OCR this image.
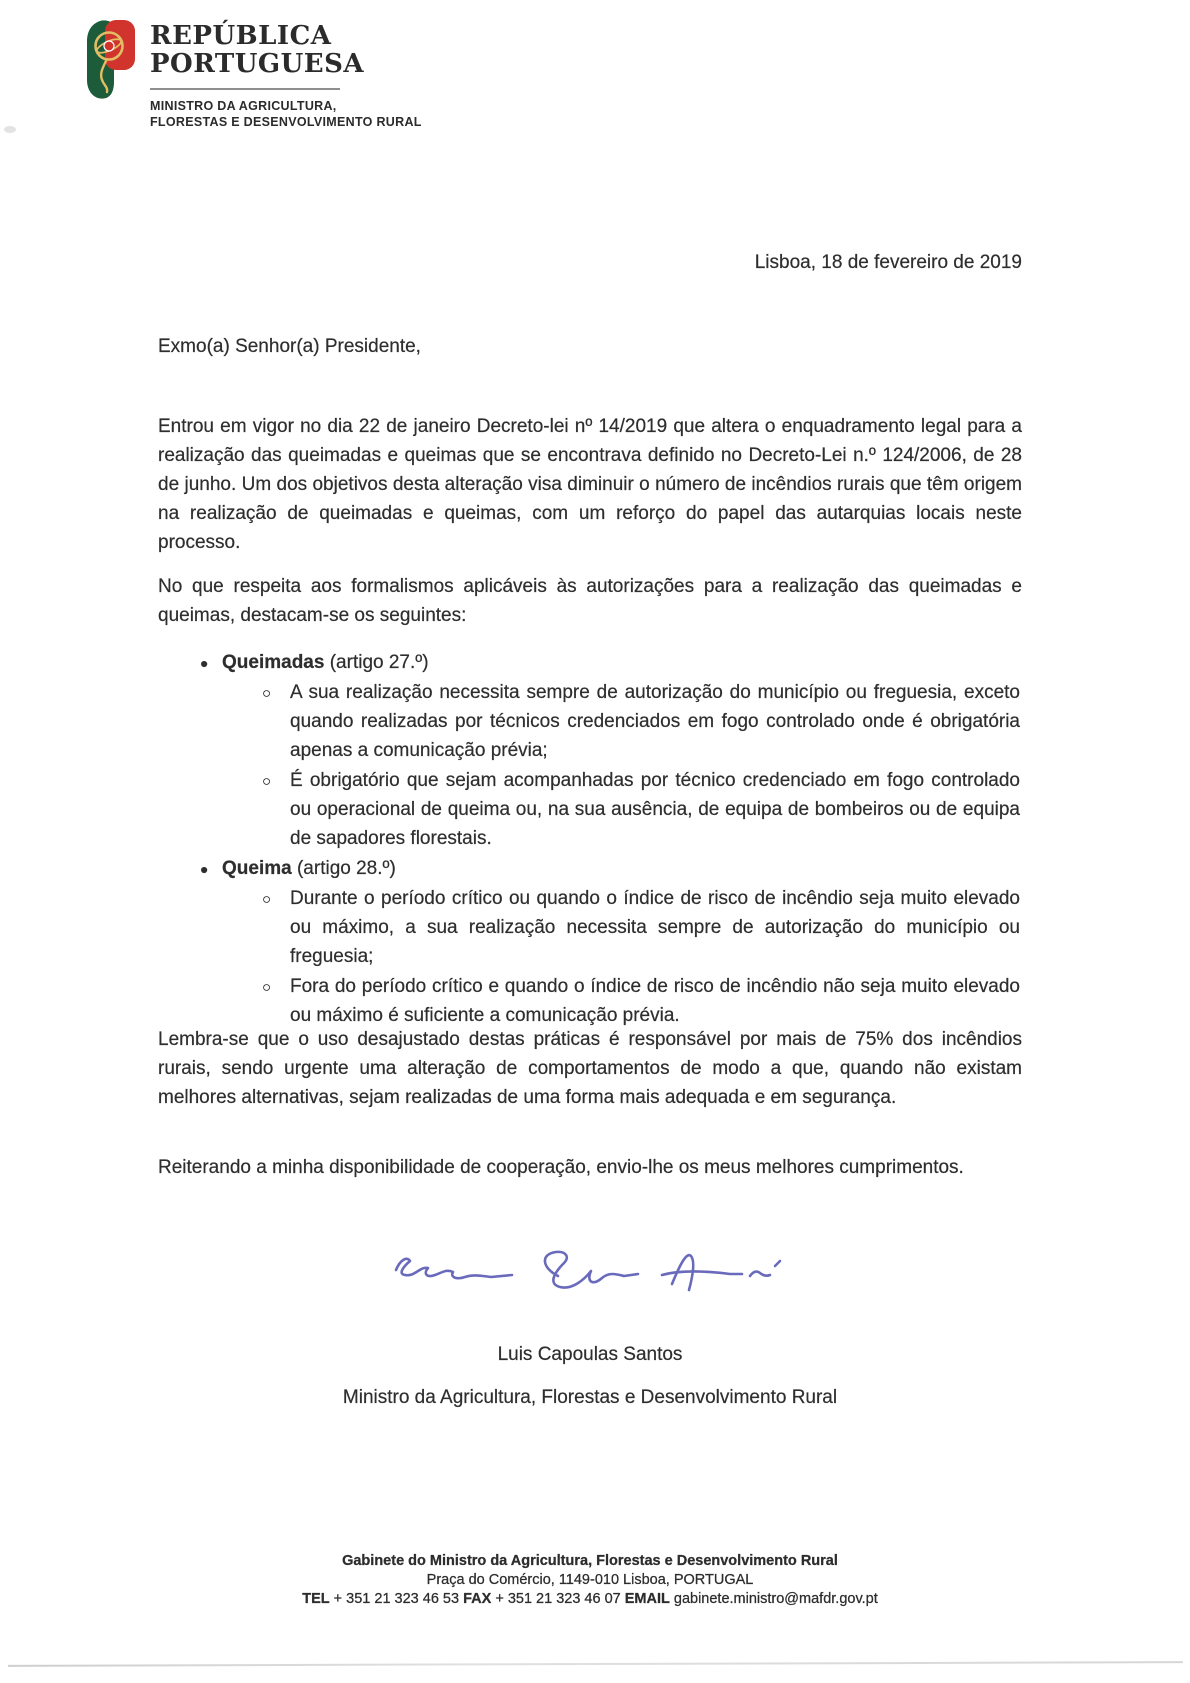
REPÚBLICA
PORTUGUESA
MINISTRO DA AGRICULTURA,
FLORESTAS E DESENVOLVIMENTO RURAL
Lisboa, 18 de fevereiro de 2019
Exmo(a) Senhor(a) Presidente,
Entrou em vigor no dia 22 de janeiro Decreto-lei nº 14/2019 que altera o enquadramento legal para a realização das queimadas e queimas que se encontrava definido no Decreto-Lei n.º 124/2006, de 28 de junho. Um dos objetivos desta alteração visa diminuir o número de incêndios rurais que têm origem na realização de queimadas e queimas, com um reforço do papel das autarquias locais neste processo.
No que respeita aos formalismos aplicáveis às autorizações para a realização das queimadas e queimas, destacam-se os seguintes:
● Queimadas (artigo 27.º)
○ A sua realização necessita sempre de autorização do município ou freguesia, exceto quando realizadas por técnicos credenciados em fogo controlado onde é obrigatória apenas a comunicação prévia;
○ É obrigatório que sejam acompanhadas por técnico credenciado em fogo controlado ou operacional de queima ou, na sua ausência, de equipa de bombeiros ou de equipa de sapadores florestais.
● Queima (artigo 28.º)
○ Durante o período crítico ou quando o índice de risco de incêndio seja muito elevado ou máximo, a sua realização necessita sempre de autorização do município ou freguesia;
○ Fora do período crítico e quando o índice de risco de incêndio não seja muito elevado ou máximo é suficiente a comunicação prévia.
Lembra-se que o uso desajustado destas práticas é responsável por mais de 75% dos incêndios rurais, sendo urgente uma alteração de comportamentos de modo a que, quando não existam melhores alternativas, sejam realizadas de uma forma mais adequada e em segurança.
Reiterando a minha disponibilidade de cooperação, envio-lhe os meus melhores cumprimentos.
Luis Capoulas Santos
Ministro da Agricultura, Florestas e Desenvolvimento Rural
Gabinete do Ministro da Agricultura, Florestas e Desenvolvimento Rural
Praça do Comércio, 1149-010 Lisboa, PORTUGAL
TEL + 351 21 323 46 53 FAX + 351 21 323 46 07 EMAIL gabinete.ministro@mafdr.gov.pt
